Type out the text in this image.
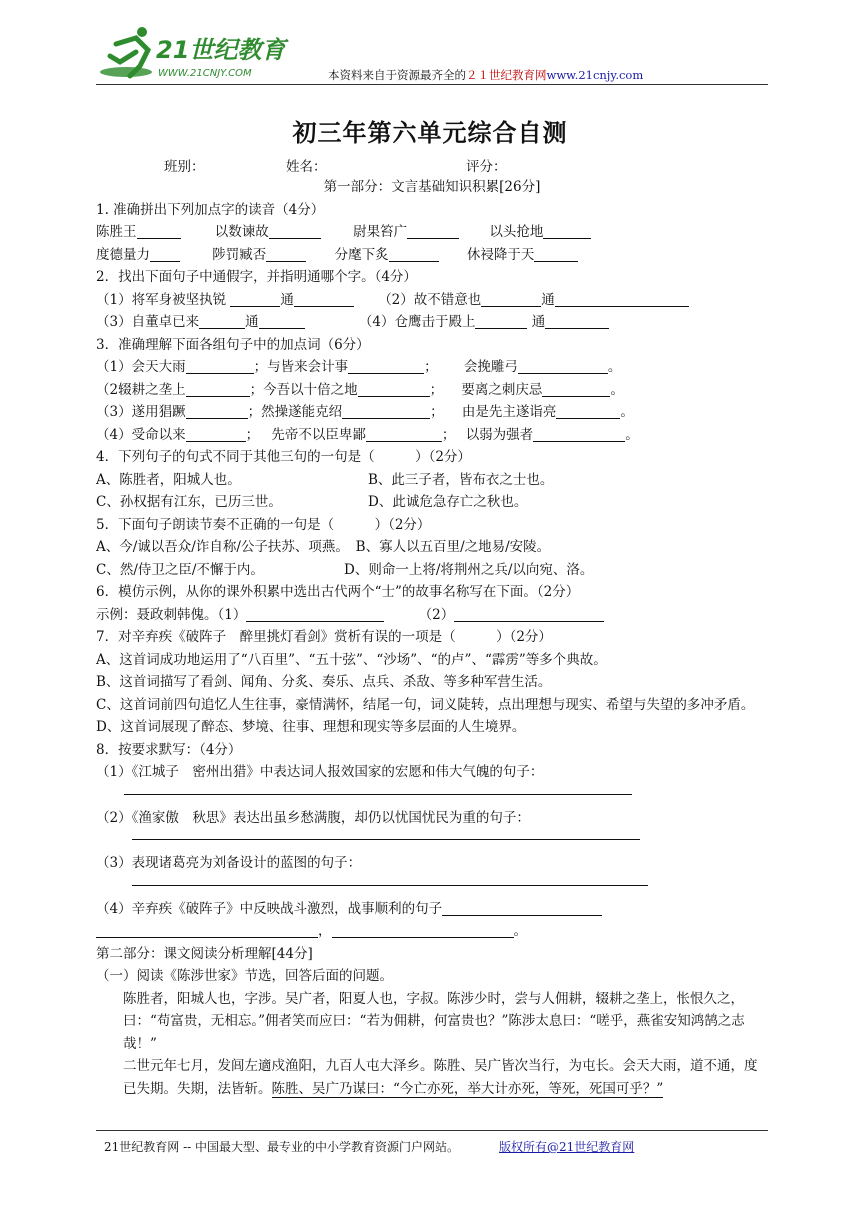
21世纪教育
WWW.21CNJY.COM	本资料来自于资源最齐全的２１世纪教育网www.21cnjy.com
初三年第六单元综合自测
班别：	姓名：	评分：
第一部分：文言基础知识积累[26分]
1. 准确拼出下列加点字的读音（4分）
陈胜王	以数谏故	尉果笞广	以头抢地
度德量力	陟罚臧否	分麾下炙	休祲降于天
2．找出下面句子中通假字，并指明通哪个字。（4分）
（1）将军身被坚执锐	通	（2）故不错意也	通
（3）自董卓已来	通	（4）仓鹰击于殿上	通
3．准确理解下面各组句子中的加点词（6分）
（1）会天大雨	；与皆来会计事	； 会挽雕弓	。
（2辍耕之垄上	；今吾以十倍之地	； 要离之刺庆忌	。
（3）遂用猖蹶	；然操遂能克绍	； 由是先主遂诣亮	。
（4）受命以来	； 先帝不以臣卑鄙	； 以弱为强者	。
4．下列句子的句式不同于其他三句的一句是（　　　）（2分）
A、陈胜者，阳城人也。	B、此三子者，皆布衣之士也。
C、孙权据有江东，已历三世。	D、此诚危急存亡之秋也。
5．下面句子朗读节奏不正确的一句是（　　　）（2分）
A、今/诚以吾众/诈自称/公子扶苏、项燕。　 B、寡人以五百里/之地易/安陵。
C、然/侍卫之臣/不懈于内。	D、则命一上将/将荆州之兵/以向宛、洛。
6．模仿示例，从你的课外积累中选出古代两个“士”的故事名称写在下面。（2分）
示例：聂政刺韩傀。（1）	（2）
7．对辛弃疾《破阵子　醉里挑灯看剑》赏析有误的一项是（　　　）（2分）
A、这首词成功地运用了“八百里”、“五十弦”、“沙场”、“的卢”、“霹雳”等多个典故。
B、这首词描写了看剑、闻角、分炙、奏乐、点兵、杀敌、等多种军营生活。
C、这首词前四句追忆人生往事，豪情满怀，结尾一句，词义陡转，点出理想与现实、希望与失望的多冲矛盾。
D、这首词展现了醉态、梦境、往事、理想和现实等多层面的人生境界。
8．按要求默写：（4分）
（1）《江城子　密州出猎》中表达词人报效国家的宏愿和伟大气魄的句子：
（2）《渔家傲　秋思》表达出虽乡愁满腹，却仍以忧国忧民为重的句子：
（3）表现诸葛亮为刘备设计的蓝图的句子：
（4）辛弃疾《破阵子》中反映战斗激烈，战事顺利的句子
，	。
第二部分：课文阅读分析理解[44分]
（一）阅读《陈涉世家》节选，回答后面的问题。
陈胜者，阳城人也，字涉。吴广者，阳夏人也，字叔。陈涉少时，尝与人佣耕，辍耕之垄上，怅恨久之，曰：“苟富贵，无相忘。”佣者笑而应曰：“若为佣耕，何富贵也？”陈涉太息曰：“嗟乎，燕雀安知鸿鹄之志哉！”
二世元年七月，发闾左適戍渔阳，九百人屯大泽乡。陈胜、吴广皆次当行，为屯长。会天大雨，道不通，度已失期。失期，法皆斩。陈胜、吴广乃谋曰：“今亡亦死，举大计亦死，等死，死国可乎？”
21世纪教育网 -- 中国最大型、最专业的中小学教育资源门户网站。	版权所有@21世纪教育网
